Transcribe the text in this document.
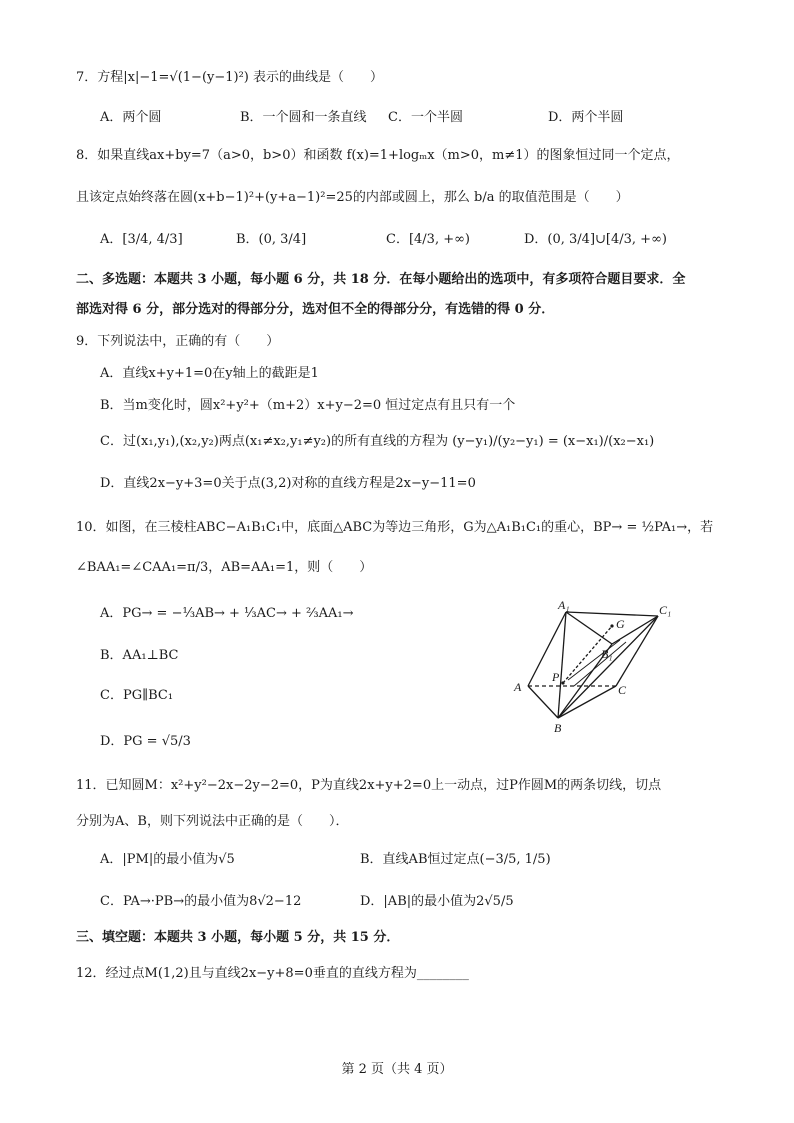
7．方程|x|−1=√(1−(y−1)²) 表示的曲线是（　　）
A．两个圆	B．一个圆和一条直线 C．一个半圆	D．两个半圆
8．如果直线ax+by=7（a>0，b>0）和函数 f(x)=1+logₘx（m>0，m≠1）的图象恒过同一个定点，
且该定点始终落在圆(x+b−1)²+(y+a−1)²=25的内部或圆上，那么 b/a 的取值范围是（　　）
A．[3/4, 4/3]	B．(0, 3/4]	C．[4/3, +∞)	D．(0, 3/4]∪[4/3, +∞)
二、多选题：本题共 3 小题，每小题 6 分，共 18 分．在每小题给出的选项中，有多项符合题目要求．全
部选对得 6 分，部分选对的得部分分，选对但不全的得部分分，有选错的得 0 分．
9．下列说法中，正确的有（　　）
A．直线x+y+1=0在y轴上的截距是1
B．当m变化时，圆x²+y²+（m+2）x+y−2=0 恒过定点有且只有一个
C．过(x₁,y₁),(x₂,y₂)两点(x₁≠x₂,y₁≠y₂)的所有直线的方程为 (y−y₁)/(y₂−y₁) = (x−x₁)/(x₂−x₁)
D．直线2x−y+3=0关于点(3,2)对称的直线方程是2x−y−11=0
10．如图，在三棱柱ABC−A₁B₁C₁中，底面△ABC为等边三角形，G为△A₁B₁C₁的重心，BP→ = ½PA₁→，若
∠BAA₁=∠CAA₁=π/3，AB=AA₁=1，则（　　）
A．PG→ = −⅓AB→ + ⅓AC→ + ⅔AA₁→
B．AA₁⊥BC
C．PG∥BC₁
D．PG = √5/3
A₁	C₁
G
B₁
P
A	C
B
11．已知圆M：x²+y²−2x−2y−2=0，P为直线2x+y+2=0上一动点，过P作圆M的两条切线，切点
分别为A、B，则下列说法中正确的是（　　）．
A．|PM|的最小值为√5	B．直线AB恒过定点(−3/5, 1/5)
C．PA→·PB→的最小值为8√2−12	D．|AB|的最小值为2√5/5
三、填空题：本题共 3 小题，每小题 5 分，共 15 分．
12．经过点M(1,2)且与直线2x−y+8=0垂直的直线方程为________
第 2 页（共 4 页）
